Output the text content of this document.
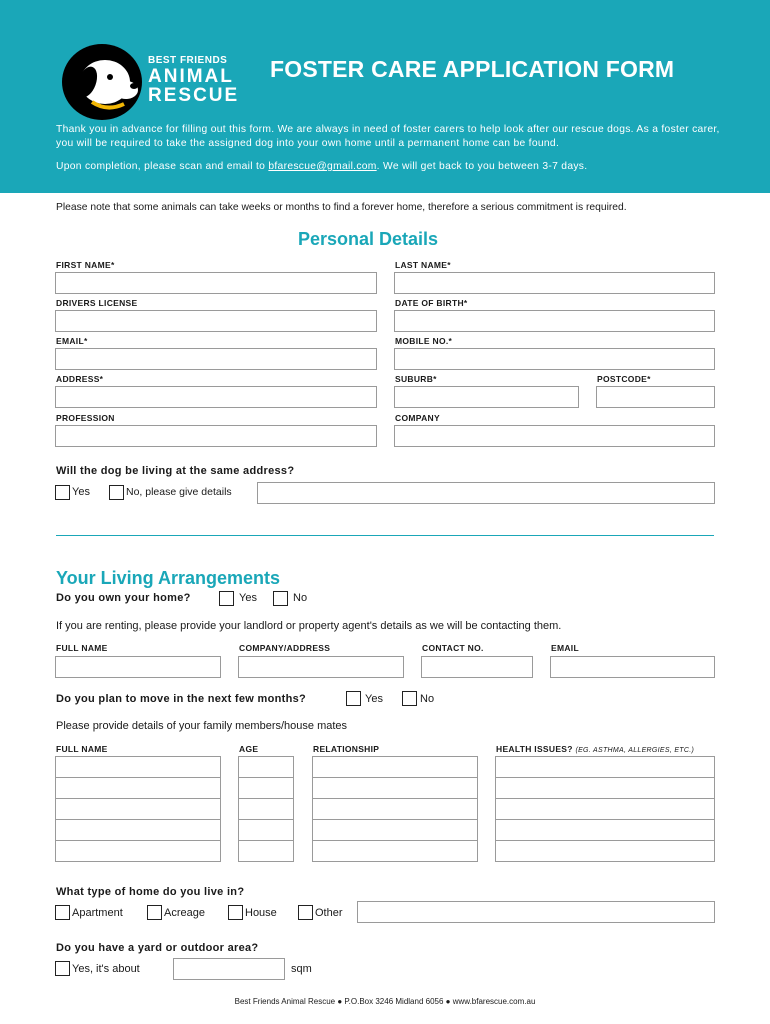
BEST FRIENDS
ANIMAL
RESCUE
FOSTER CARE APPLICATION FORM
Thank you in advance for filling out this form. We are always in need of foster carers to help look after our rescue dogs. As a foster carer, you will be required to take the assigned dog into your own home until a permanent home can be found.
Upon completion, please scan and email to bfarescue@gmail.com. We will get back to you between 3-7 days.
Please note that some animals can take weeks or months to find a forever home, therefore a serious commitment is required.
Personal Details
FIRST NAME*	LAST NAME*
DRIVERS LICENSE	DATE OF BIRTH*
EMAIL*	MOBILE NO.*
ADDRESS*	SUBURB*	POSTCODE*
PROFESSION	COMPANY
Will the dog be living at the same address?
Yes	No, please give details
Your Living Arrangements
Do you own your home?	Yes	No
If you are renting, please provide your landlord or property agent's details as we will be contacting them.
FULL NAME	COMPANY/ADDRESS	CONTACT NO.	EMAIL
Do you plan to move in the next few months?	Yes	No
Please provide details of your family members/house mates
FULL NAME	AGE	RELATIONSHIP	HEALTH ISSUES? (EG. ASTHMA, ALLERGIES, ETC.)
What type of home do you live in?
Apartment	Acreage	House	Other
Do you have a yard or outdoor area?
Yes, it's about	sqm
Best Friends Animal Rescue ● P.O.Box 3246 Midland 6056 ● www.bfarescue.com.au
